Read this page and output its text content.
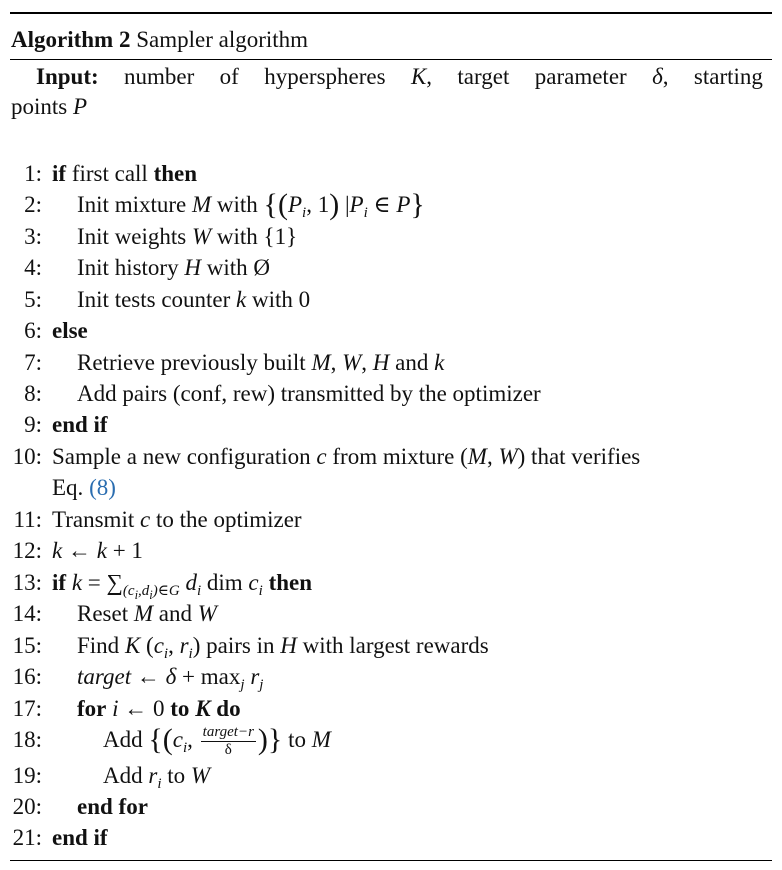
Algorithm 2 Sampler algorithm
Input: number of hyperspheres K, target parameter δ, starting
points P
1: if first call then
2: Init mixture M with {($P_i$, 1) $|P_i$ ∈ P}
3: Init weights W with {1}
4: Init history H with Ø
5: Init tests counter k with 0
6: else
7: Retrieve previously built M, W, H and k
8: Add pairs (conf, rew) transmitted by the optimizer
9: end if
10: Sample a new configuration c from mixture (M, W) that verifies
Eq. (8)
11: Transmit c to the optimizer
12: k ← k + 1
13: if $k = \sum_{(c_i,d_i)\in G}$ $d_i$ dim $c_i$ then
14: Reset M and W
15: Find K ($c_i$, $r_i$) pairs in H with largest rewards
16: target ← $\delta + \max_j r_j$
17: for i ← 0 to K do
18:	Add {($c_i$, $\frac{\text{target−r}}{\delta}$ )} to M
19:	Add $r_i$ to W
20: end for
21: end if
